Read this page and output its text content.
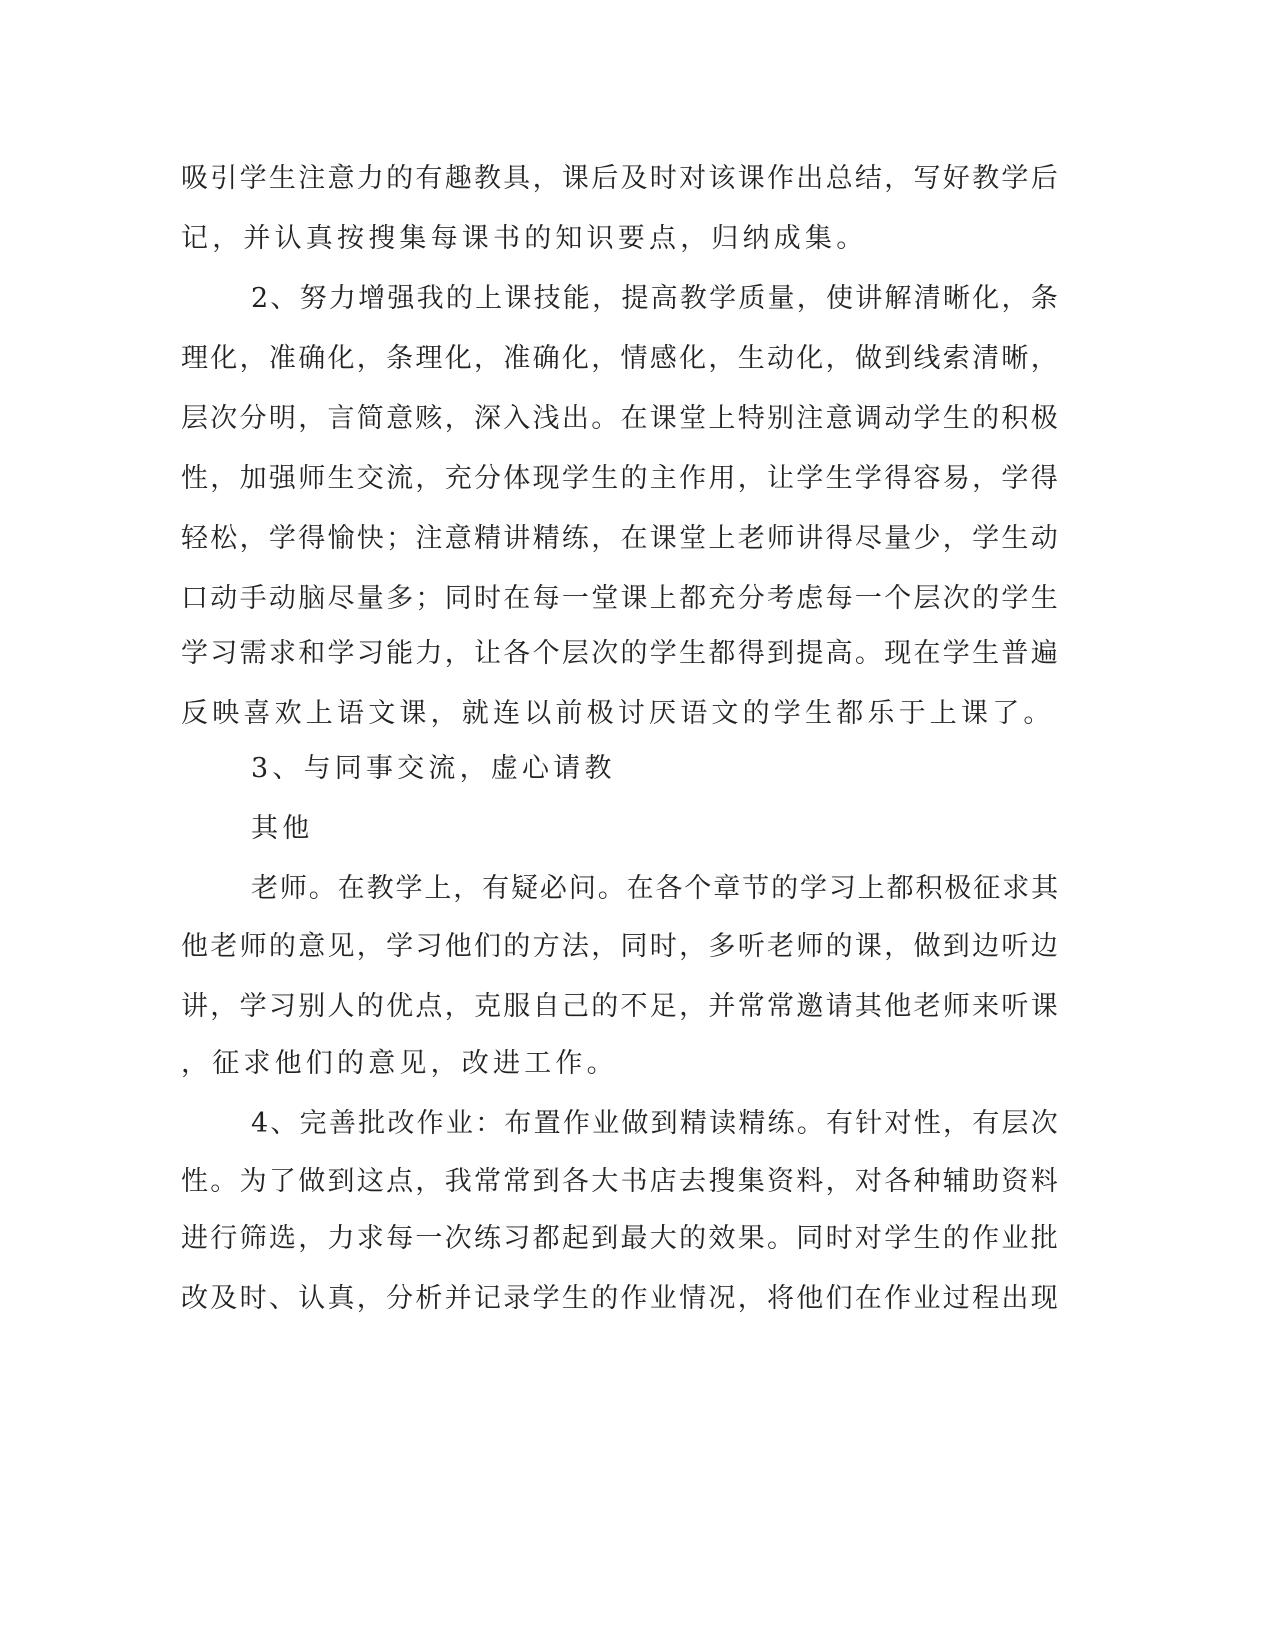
吸引学生注意力的有趣教具，课后及时对该课作出总结，写好教学后
记，并认真按搜集每课书的知识要点，归纳成集。
2、努力增强我的上课技能，提高教学质量，使讲解清晰化，条
理化，准确化，条理化，准确化，情感化，生动化，做到线索清晰，
层次分明，言简意赅，深入浅出。在课堂上特别注意调动学生的积极
性，加强师生交流，充分体现学生的主作用，让学生学得容易，学得
轻松，学得愉快；注意精讲精练，在课堂上老师讲得尽量少，学生动
口动手动脑尽量多；同时在每一堂课上都充分考虑每一个层次的学生
学习需求和学习能力，让各个层次的学生都得到提高。现在学生普遍
反映喜欢上语文课，就连以前极讨厌语文的学生都乐于上课了。
3、与同事交流，虚心请教
其他
老师。在教学上，有疑必问。在各个章节的学习上都积极征求其
他老师的意见，学习他们的方法，同时，多听老师的课，做到边听边
讲，学习别人的优点，克服自己的不足，并常常邀请其他老师来听课
，征求他们的意见，改进工作。
4、完善批改作业：布置作业做到精读精练。有针对性，有层次
性。为了做到这点，我常常到各大书店去搜集资料，对各种辅助资料
进行筛选，力求每一次练习都起到最大的效果。同时对学生的作业批
改及时、认真，分析并记录学生的作业情况，将他们在作业过程出现
